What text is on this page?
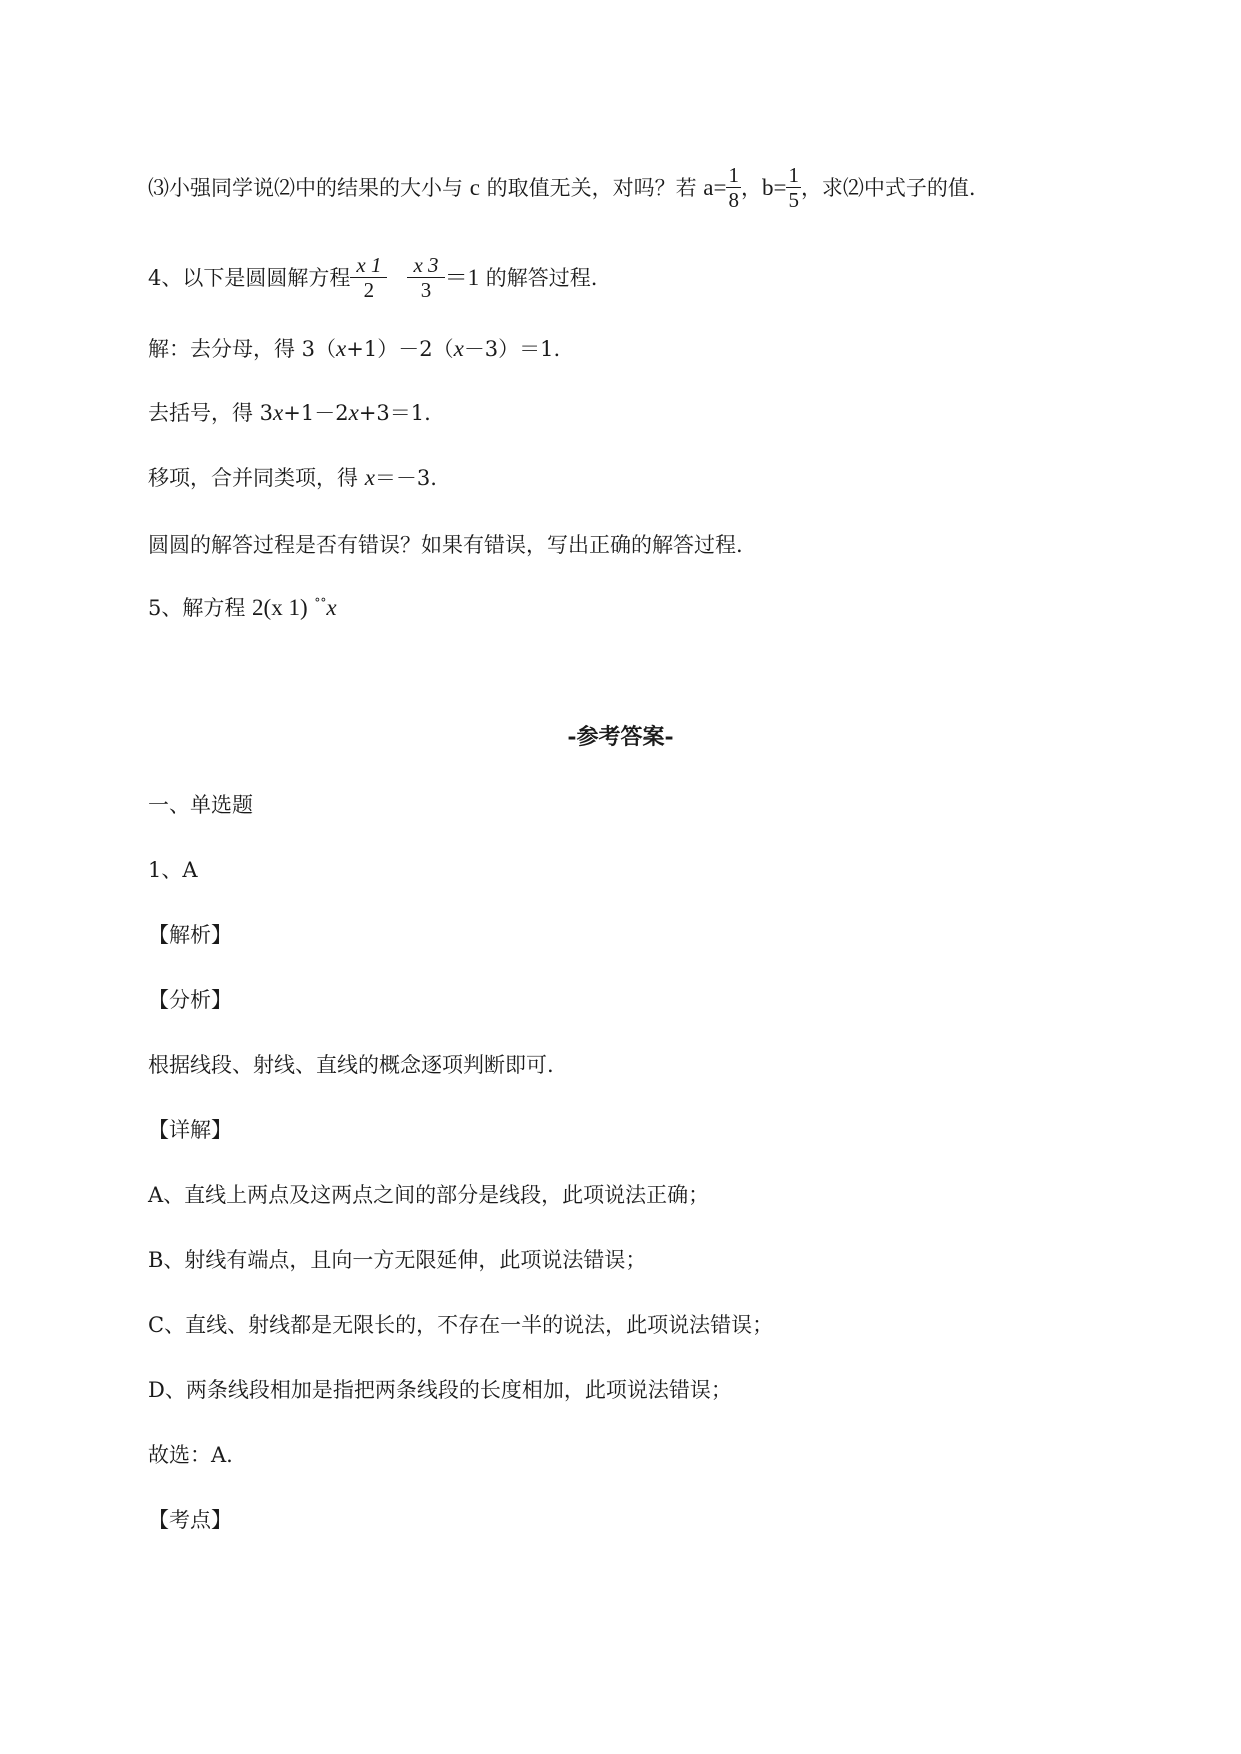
⑶小强同学说⑵中的结果的大小与 c 的取值无关，对吗？若 $a= \frac{1}{8}$ ，$b= \frac{1}{5}$ ，求⑵中式子的值.
4、以下是圆圆解方程 $\frac{x 1}{2}$
$\frac{x 3}{3} =1$ 的解答过程.
解：去分母，得 3（x+1）－2（x－3）＝1.
去括号，得 3x+1－2x+3＝1.
移项，合并同类项，得 x＝－3.
圆圆的解答过程是否有错误？如果有错误，写出正确的解答过程.
5、解方程 2(x 1) °°x
-参考答案-
一、单选题
1、A
【解析】
【分析】
根据线段、射线、直线的概念逐项判断即可.
【详解】
A、直线上两点及这两点之间的部分是线段，此项说法正确；
B、射线有端点，且向一方无限延伸，此项说法错误；
C、直线、射线都是无限长的，不存在一半的说法，此项说法错误；
D、两条线段相加是指把两条线段的长度相加，此项说法错误；
故选：A.
【考点】
